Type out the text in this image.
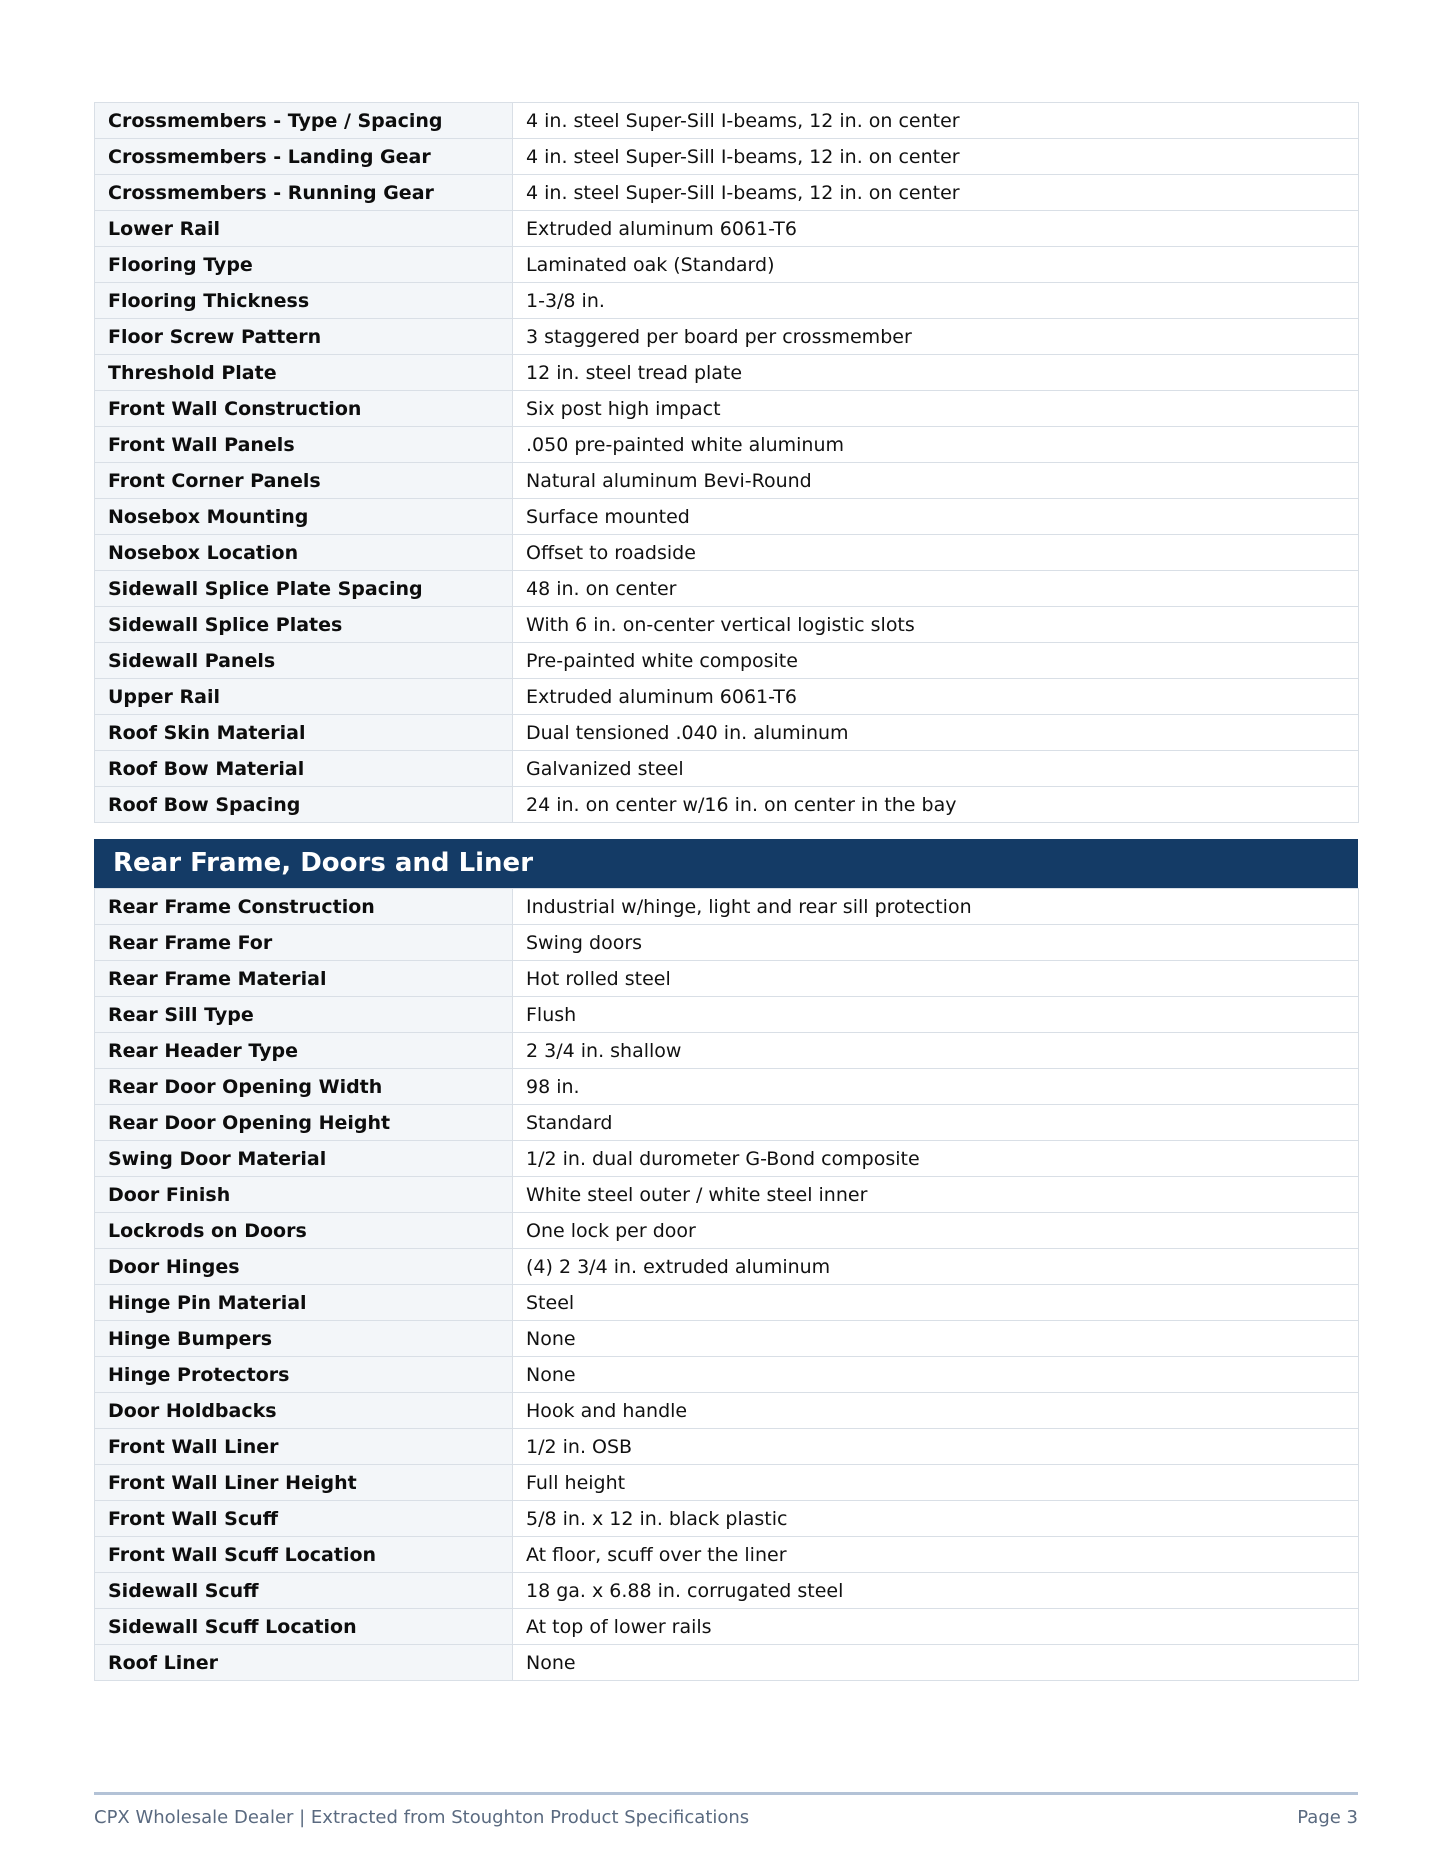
Crossmembers - Type / Spacing	4 in. steel Super-Sill I-beams, 12 in. on center
Crossmembers - Landing Gear	4 in. steel Super-Sill I-beams, 12 in. on center
Crossmembers - Running Gear	4 in. steel Super-Sill I-beams, 12 in. on center
Lower Rail	Extruded aluminum 6061-T6
Flooring Type	Laminated oak (Standard)
Flooring Thickness	1-3/8 in.
Floor Screw Pattern	3 staggered per board per crossmember
Threshold Plate	12 in. steel tread plate
Front Wall Construction	Six post high impact
Front Wall Panels	.050 pre-painted white aluminum
Front Corner Panels	Natural aluminum Bevi-Round
Nosebox Mounting	Surface mounted
Nosebox Location	Offset to roadside
Sidewall Splice Plate Spacing	48 in. on center
Sidewall Splice Plates	With 6 in. on-center vertical logistic slots
Sidewall Panels	Pre-painted white composite
Upper Rail	Extruded aluminum 6061-T6
Roof Skin Material	Dual tensioned .040 in. aluminum
Roof Bow Material	Galvanized steel
Roof Bow Spacing	24 in. on center w/16 in. on center in the bay
Rear Frame, Doors and Liner
Rear Frame Construction	Industrial w/hinge, light and rear sill protection
Rear Frame For	Swing doors
Rear Frame Material	Hot rolled steel
Rear Sill Type	Flush
Rear Header Type	2 3/4 in. shallow
Rear Door Opening Width	98 in.
Rear Door Opening Height	Standard
Swing Door Material	1/2 in. dual durometer G-Bond composite
Door Finish	White steel outer / white steel inner
Lockrods on Doors	One lock per door
Door Hinges	(4) 2 3/4 in. extruded aluminum
Hinge Pin Material	Steel
Hinge Bumpers	None
Hinge Protectors	None
Door Holdbacks	Hook and handle
Front Wall Liner	1/2 in. OSB
Front Wall Liner Height	Full height
Front Wall Scuff	5/8 in. x 12 in. black plastic
Front Wall Scuff Location	At floor, scuff over the liner
Sidewall Scuff	18 ga. x 6.88 in. corrugated steel
Sidewall Scuff Location	At top of lower rails
Roof Liner	None
CPX Wholesale Dealer | Extracted from Stoughton Product Specifications	Page 3
